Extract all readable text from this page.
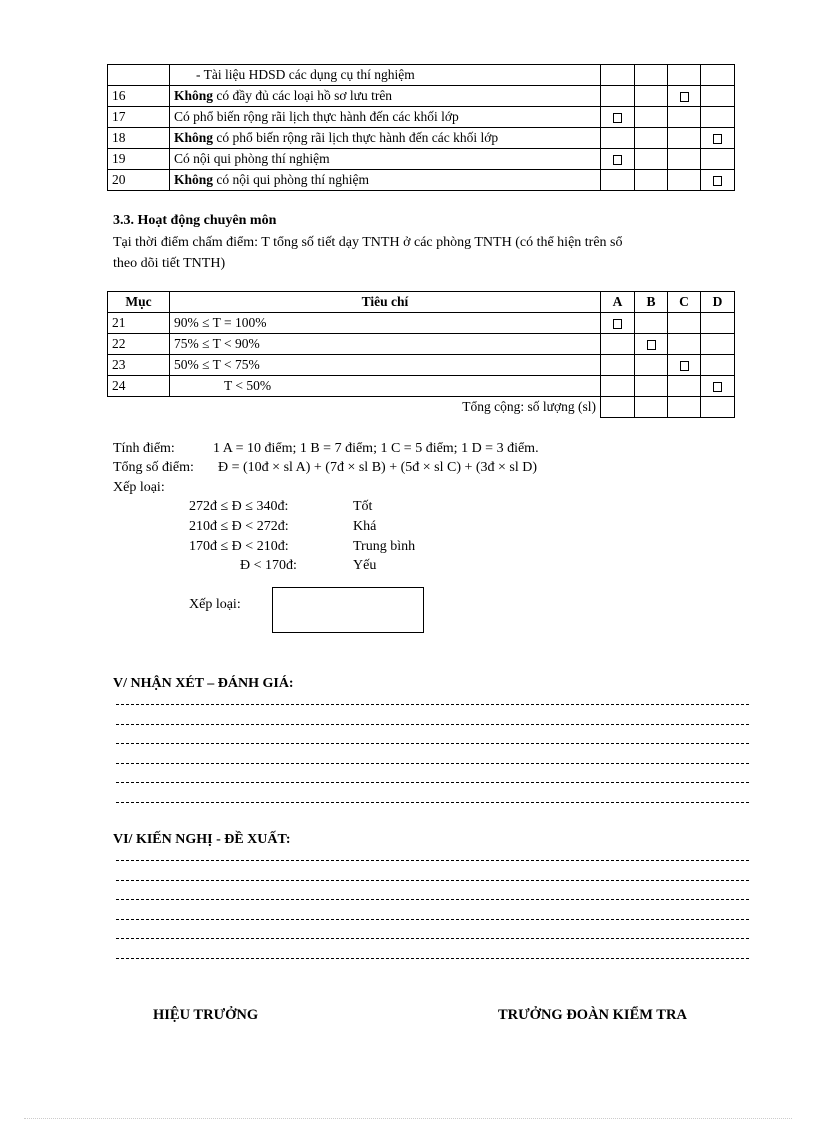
	- Tài liệu HDSD các dụng cụ thí nghiệm				
16	Không có đầy đủ các loại hồ sơ lưu trên				
17	Có phổ biến rộng rãi lịch thực hành đến các khối lớp				
18	Không có phổ biến rộng rãi lịch thực hành đến các khối lớp				
19	Có nội qui phòng thí nghiệm				
20	Không có nội qui phòng thí nghiệm				
3.3. Hoạt động chuyên môn
Tại thời điểm chấm điểm: T tổng số tiết dạy TNTH ở các phòng TNTH (có thể hiện trên sổ
theo dõi tiết TNTH)
Mục	Tiêu chí	A	B	C	D
21	90% ≤ T = 100%				
22	75% ≤ T < 90%				
23	50% ≤ T < 75%				
24	T < 50%				
	Tổng cộng: số lượng (sl)				
Tính điểm:	1 A = 10 điểm; 1 B = 7 điểm; 1 C = 5 điểm; 1 D = 3 điểm.
Tổng số điểm: Đ = (10đ × sl A) + (7đ × sl B) + (5đ × sl C) + (3đ × sl D)
Xếp loại:
272đ ≤ Đ ≤ 340đ:	Tốt
210đ ≤ Đ < 272đ:	Khá
170đ ≤ Đ < 210đ:	Trung bình
Đ < 170đ:	Yếu
Xếp loại:
V/ NHẬN XÉT – ĐÁNH GIÁ:
VI/ KIẾN NGHỊ - ĐỀ XUẤT:
HIỆU TRƯỞNG	TRƯỞNG ĐOÀN KIỂM TRA
